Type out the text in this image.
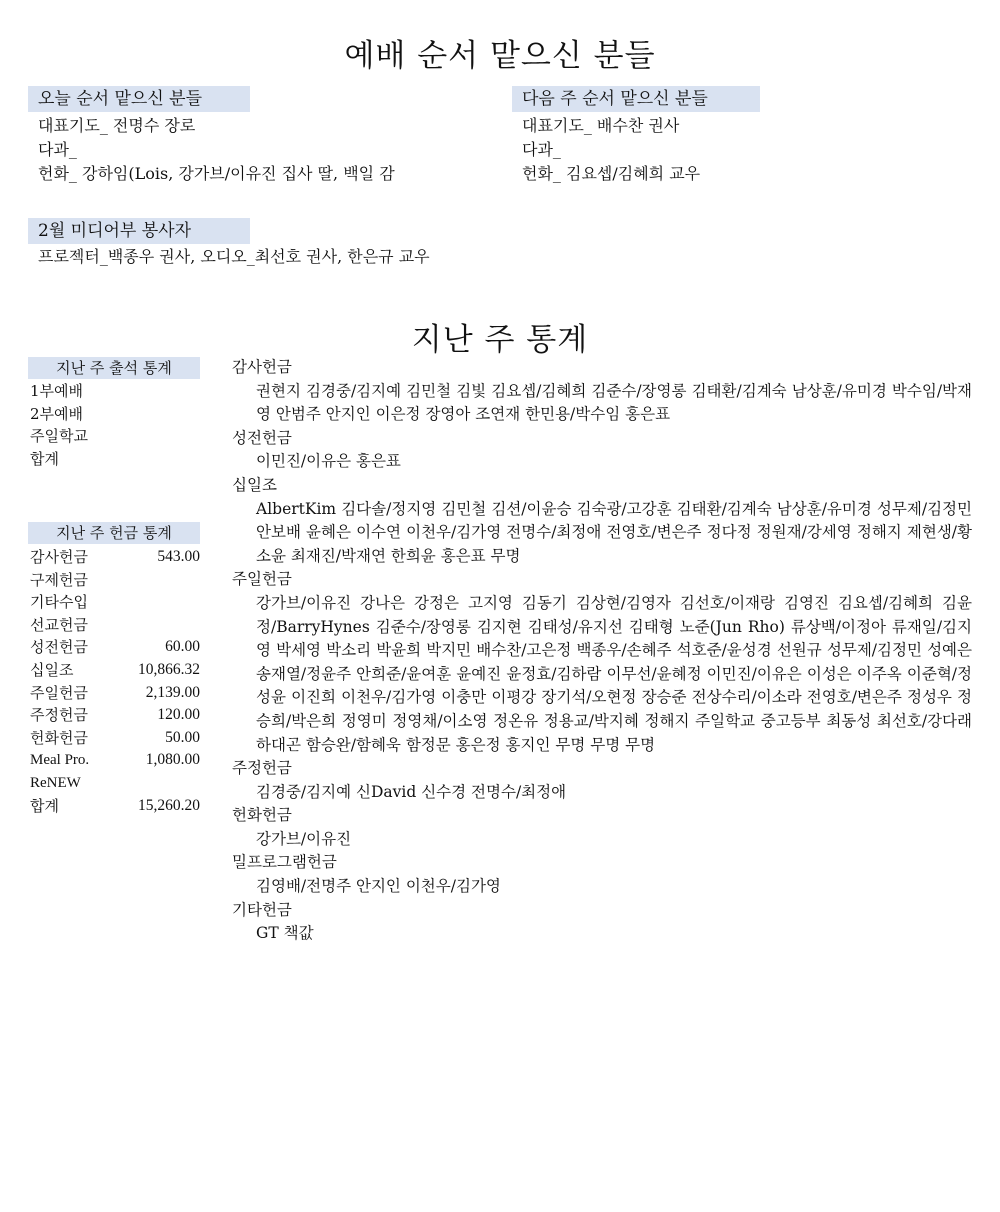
예배 순서 맡으신 분들
오늘 순서 맡으신 분들
대표기도_ 전명수 장로
다과_
헌화_ 강하임(Lois, 강가브/이유진 집사 딸, 백일 감
다음 주 순서 맡으신 분들
대표기도_ 배수찬 권사
다과_
헌화_ 김요셉/김혜희 교우
2월 미디어부 봉사자
프로젝터_백종우 권사, 오디오_최선호 권사, 한은규 교우
지난 주 통계
지난 주 출석 통계
1부예배
2부예배
주일학교
합계
지난 주 헌금 통계
감사헌금	543.00
구제헌금
기타수입
선교헌금
성전헌금	60.00
십일조	10,866.32
주일헌금	2,139.00
주정헌금	120.00
헌화헌금	50.00
Meal Pro.	1,080.00
ReNEW
합계	15,260.20
감사헌금
권현지 김경중/김지예 김민철 김빛 김요셉/김혜희 김준수/장영롱 김태환/김계숙 남상훈/유미경 박수임/박재영 안범주 안지인 이은정 장영아 조연재 한민용/박수임 홍은표
성전헌금
이민진/이유은 홍은표
십일조
AlbertKim 김다솔/정지영 김민철 김션/이윤승 김숙광/고강훈 김태환/김계숙 남상훈/유미경 성무제/김정민 안보배 윤혜은 이수연 이천우/김가영 전명수/최정애 전영호/변은주 정다정 정원재/강세영 정해지 제현생/황소윤 최재진/박재연 한희윤 홍은표 무명
주일헌금
강가브/이유진 강나은 강정은 고지영 김동기 김상현/김영자 김선호/이재랑 김영진 김요셉/김혜희 김윤정/BarryHynes 김준수/장영롱 김지현 김태성/유지선 김태형 노준(Jun Rho) 류상백/이정아 류재일/김지영 박세영 박소리 박윤희 박지민 배수찬/고은정 백종우/손혜주 석호준/윤성경 선원규 성무제/김정민 성예은 송재열/정윤주 안희준/윤여훈 윤예진 윤정효/김하람 이무선/윤혜정 이민진/이유은 이성은 이주옥 이준혁/정성윤 이진희 이천우/김가영 이충만 이평강 장기석/오현정 장승준 전상수리/이소라 전영호/변은주 정성우 정승희/박은희 정영미 정영채/이소영 정온유 정용교/박지혜 정해지 주일학교 중고등부 최동성 최선호/강다래 하대곤 함승완/함혜욱 함정문 홍은정 홍지인 무명 무명 무명
주정헌금
김경중/김지예 신David 신수경 전명수/최정애
헌화헌금
강가브/이유진
밀프로그램헌금
김영배/전명주 안지인 이천우/김가영
기타헌금
GT 책값
